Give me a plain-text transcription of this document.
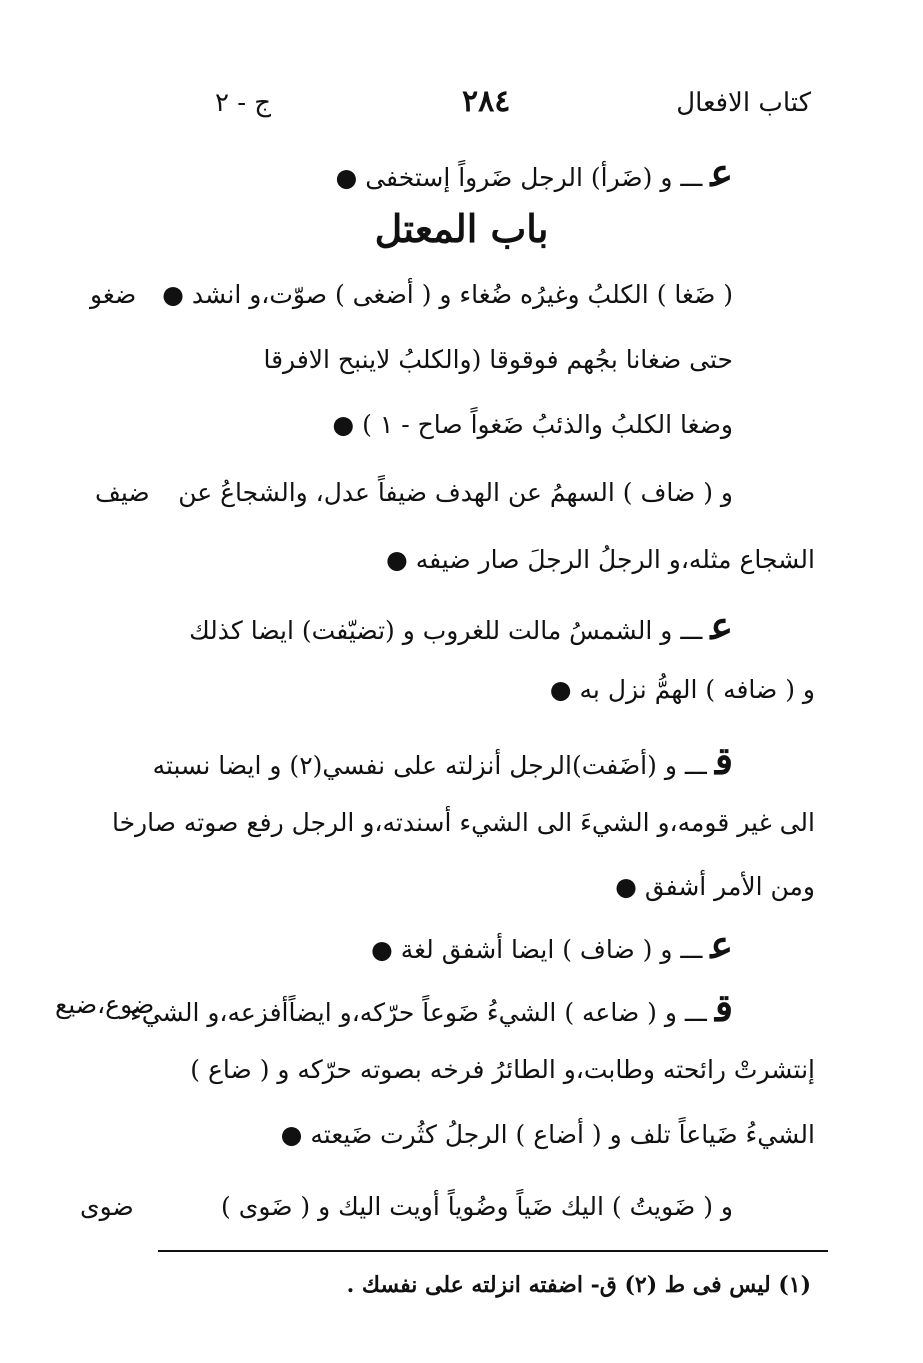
كتاب الافعال
٢٨٤
ج - ٢
عـــ و (ضَرأ) الرجل ضَرواً إستخفى ●
باب المعتل
ضغو ( ضَغا ) الكلبُ وغيرُه ضُغاء و ( أضغى ) صوّت،و انشد ●
حتى ضغانا بجُهم فوقوقا (والكلبُ لاينبح الافرقا
وضغا الكلبُ والذئبُ ضَغواً صاح - ١ ) ●
ضيف و ( ضاف ) السهمُ عن الهدف ضيفاً عدل، والشجاعُ عن
الشجاع مثله،و الرجلُ الرجلَ صار ضيفه ●
عـــ و الشمسُ مالت للغروب و (تضيّفت) ايضا كذلك
و ( ضافه ) الهمُّ نزل به ●
قـــ و (أضَفت)الرجل أنزلته على نفسي(٢) و ايضا نسبته
الى غير قومه،و الشيءَ الى الشيء أسندته،و الرجل رفع صوته صارخا
ومن الأمر أشفق ●
عـــ و ( ضاف ) ايضا أشفق لغة ●
ضوع،ضيع	قـــ و ( ضاعه ) الشيءُ ضَوعاً حرّكه،و ايضاًأفزعه،و الشيء
إنتشرتْ رائحته وطابت،و الطائرُ فرخه بصوته حرّكه و ( ضاع )
الشيءُ ضَياعاً تلف و ( أضاع ) الرجلُ كثُرت ضَيعته ●
ضوى	و ( ضَويتُ ) اليك ضَياً وضُوياً أويت اليك و ( ضَوى )
(١) ليس فى ط (٢) ق- اضفته انزلته على نفسك .
